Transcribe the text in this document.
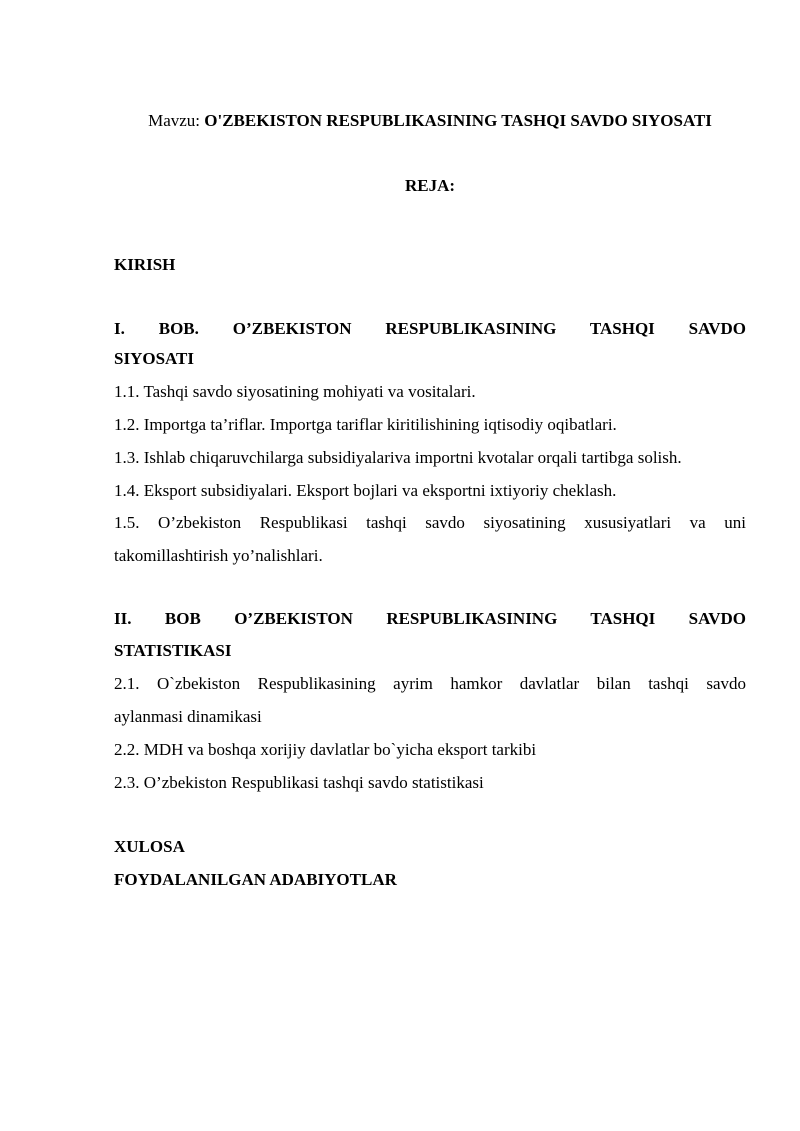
Mavzu: O'ZBEKISTON RESPUBLIKASINING TASHQI SAVDO SIYOSATI
REJA:
KIRISH
I. BOB. O’ZBEKISTON RESPUBLIKASINING TASHQI SAVDO
SIYOSATI
1.1. Tashqi savdo siyosatining mohiyati va vositalari.
1.2. Importga ta’riflar. Importga tariflar kiritilishining iqtisodiy oqibatlari.
1.3. Ishlab chiqaruvchilarga subsidiyalariva importni kvotalar orqali tartibga solish.
1.4. Eksport subsidiyalari. Eksport bojlari va eksportni ixtiyoriy cheklash.
1.5. O’zbekiston Respublikasi tashqi savdo siyosatining xususiyatlari va uni
takomillashtirish yo’nalishlari.
II. BOB O’ZBEKISTON RESPUBLIKASINING TASHQI SAVDO
STATISTIKASI
2.1. O`zbekiston Respublikasining ayrim hamkor davlatlar bilan tashqi savdo
aylanmasi dinamikasi
2.2. MDH va boshqa xorijiy davlatlar bo`yicha eksport tarkibi
2.3. O’zbekiston Respublikasi tashqi savdo statistikasi
XULOSA
FOYDALANILGAN ADABIYOTLAR
